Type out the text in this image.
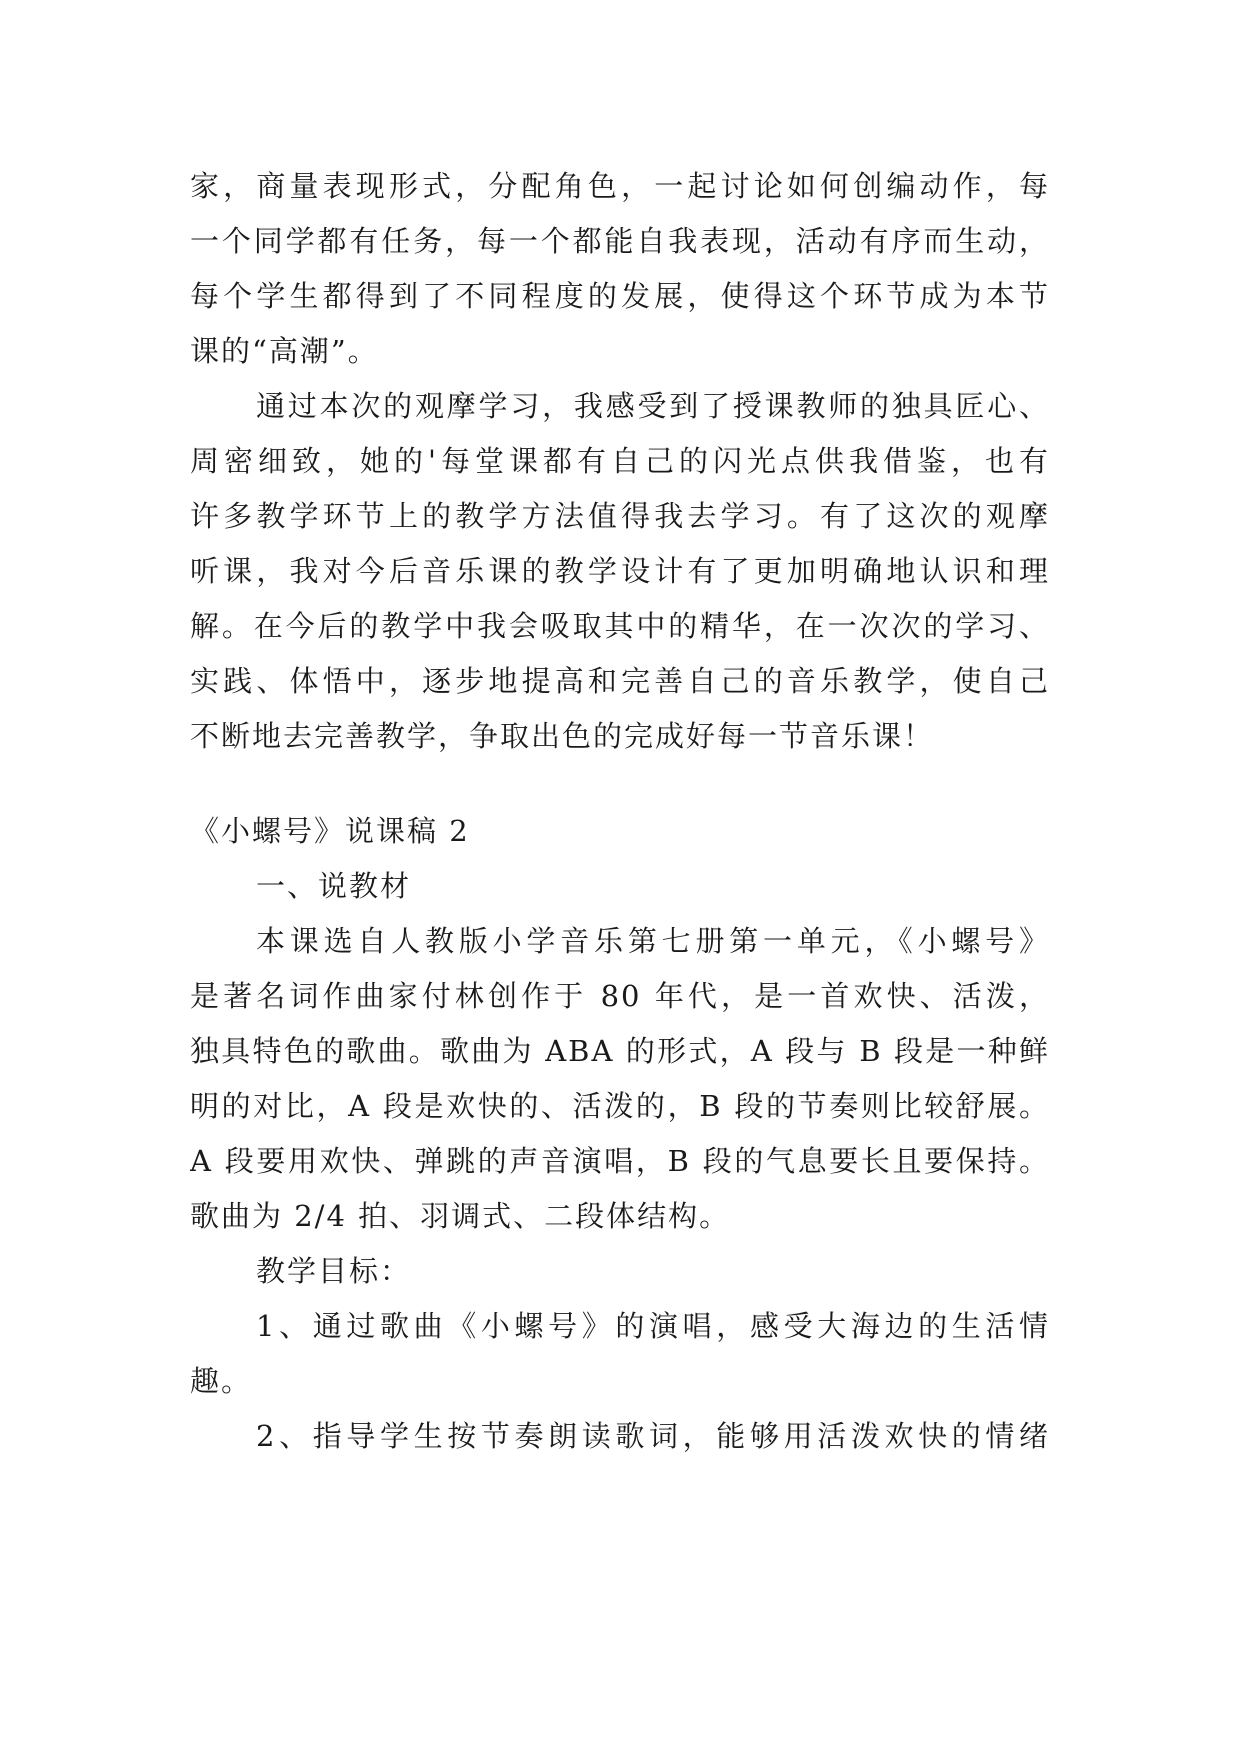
家，商量表现形式，分配角色，一起讨论如何创编动作，每
一个同学都有任务，每一个都能自我表现，活动有序而生动，
每个学生都得到了不同程度的发展，使得这个环节成为本节
课的“高潮”。
通过本次的观摩学习，我感受到了授课教师的独具匠心、
周密细致，她的'每堂课都有自己的闪光点供我借鉴，也有
许多教学环节上的教学方法值得我去学习。有了这次的观摩
听课，我对今后音乐课的教学设计有了更加明确地认识和理
解。在今后的教学中我会吸取其中的精华，在一次次的学习、
实践、体悟中，逐步地提高和完善自己的音乐教学，使自己
不断地去完善教学，争取出色的完成好每一节音乐课！
《小螺号》说课稿 2
一、说教材
本课选自人教版小学音乐第七册第一单元，《小螺号》
是著名词作曲家付林创作于 80 年代，是一首欢快、活泼，
独具特色的歌曲。歌曲为 ABA 的形式，A 段与 B 段是一种鲜
明的对比，A 段是欢快的、活泼的，B 段的节奏则比较舒展。
A 段要用欢快、弹跳的声音演唱，B 段的气息要长且要保持。
歌曲为 2/4 拍、羽调式、二段体结构。
教学目标：
1、通过歌曲《小螺号》的演唱，感受大海边的生活情
趣。
2、指导学生按节奏朗读歌词，能够用活泼欢快的情绪
